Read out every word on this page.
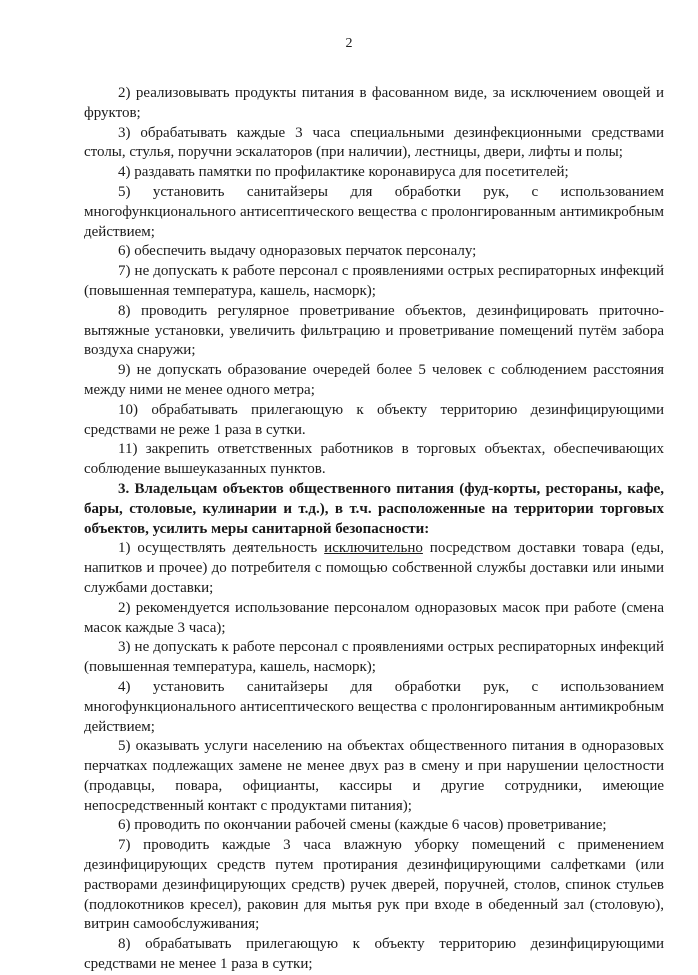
2

2) реализовывать продукты питания в фасованном виде, за исключением овощей и фруктов;

3) обрабатывать каждые 3 часа специальными дезинфекционными средствами столы, стулья, поручни эскалаторов (при наличии), лестницы, двери, лифты и полы;

4) раздавать памятки по профилактике коронавируса для посетителей;

5) установить санитайзеры для обработки рук, с использованием многофункционального антисептического вещества с пролонгированным антимикробным действием;

6) обеспечить выдачу одноразовых перчаток персоналу;

7) не допускать к работе персонал с проявлениями острых респираторных инфекций (повышенная температура, кашель, насморк);

8) проводить регулярное проветривание объектов, дезинфицировать приточно-вытяжные установки, увеличить фильтрацию и проветривание помещений путём забора воздуха снаружи;

9) не допускать образование очередей более 5 человек с соблюдением расстояния между ними не менее одного метра;

10) обрабатывать прилегающую к объекту территорию дезинфицирующими средствами не реже 1 раза в сутки.

11) закрепить ответственных работников в торговых объектах, обеспечивающих соблюдение вышеуказанных пунктов.

3. Владельцам объектов общественного питания (фуд-корты, рестораны, кафе, бары, столовые, кулинарии и т.д.), в т.ч. расположенные на территории торговых объектов, усилить меры санитарной безопасности:

1) осуществлять деятельность исключительно посредством доставки товара (еды, напитков и прочее) до потребителя с помощью собственной службы доставки или иными службами доставки;

2) рекомендуется использование персоналом одноразовых масок при работе (смена масок каждые 3 часа);

3) не допускать к работе персонал с проявлениями острых респираторных инфекций (повышенная температура, кашель, насморк);

4) установить санитайзеры для обработки рук, с использованием многофункционального антисептического вещества с пролонгированным антимикробным действием;

5) оказывать услуги населению на объектах общественного питания в одноразовых перчатках подлежащих замене не менее двух раз в смену и при нарушении целостности (продавцы, повара, официанты, кассиры и другие сотрудники, имеющие непосредственный контакт с продуктами питания);

6) проводить по окончании рабочей смены (каждые 6 часов) проветривание;

7) проводить каждые 3 часа влажную уборку помещений с применением дезинфицирующих средств путем протирания дезинфицирующими салфетками (или растворами дезинфицирующих средств) ручек дверей, поручней, столов, спинок стульев (подлокотников кресел), раковин для мытья рук при входе в обеденный зал (столовую), витрин самообслуживания;

8) обрабатывать прилегающую к объекту территорию дезинфицирующими средствами не менее 1 раза в сутки;
